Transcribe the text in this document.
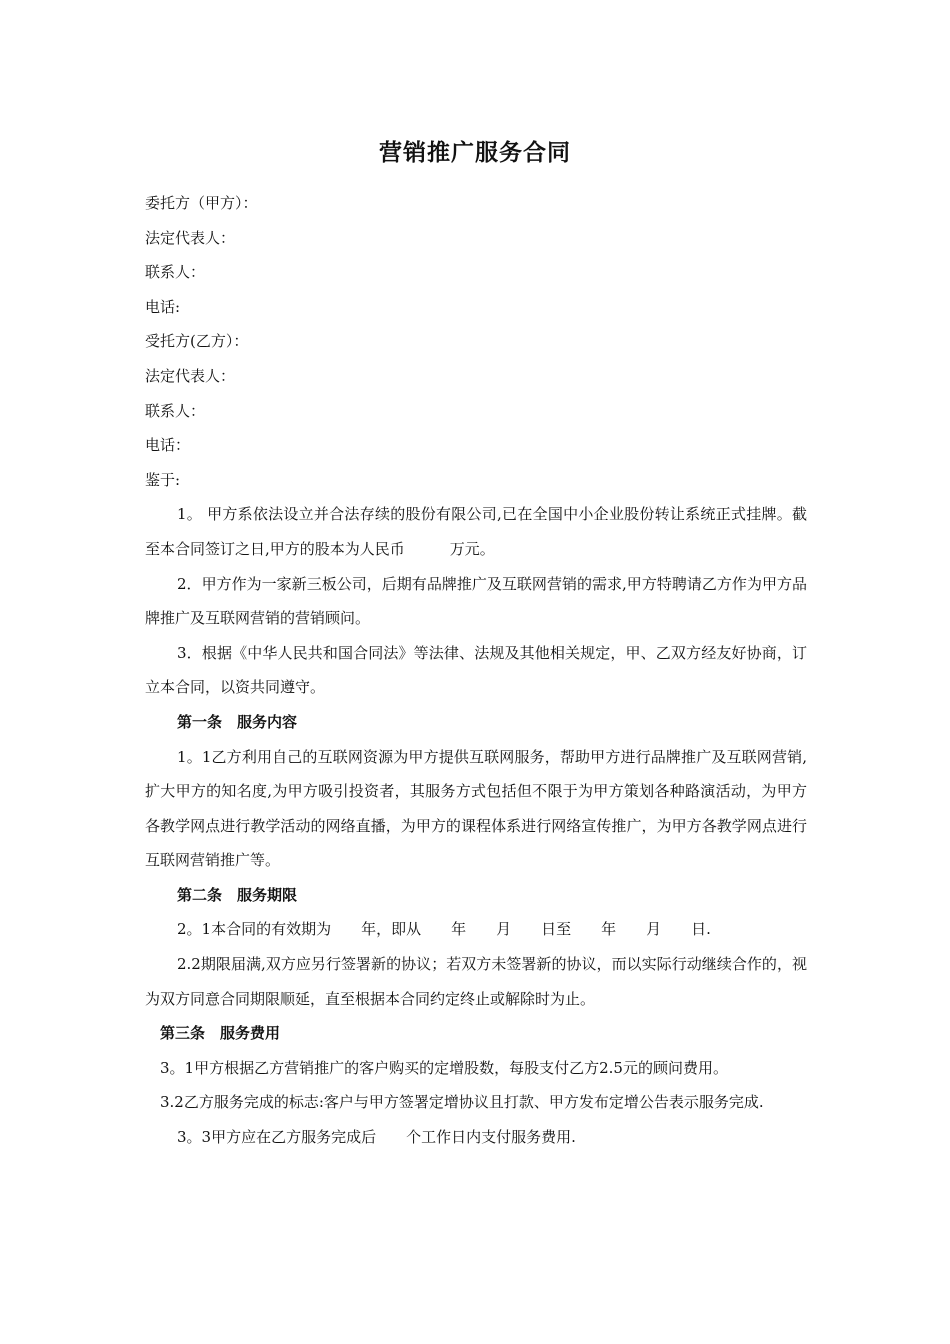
营销推广服务合同
委托方（甲方）：
法定代表人：
联系人：
电话:
受托方(乙方）：
法定代表人：
联系人：
电话：
鉴于:
1。 甲方系依法设立并合法存续的股份有限公司,已在全国中小企业股份转让系统正式挂牌。截至本合同签订之日,甲方的股本为人民币　　　万元。
2．甲方作为一家新三板公司，后期有品牌推广及互联网营销的需求,甲方特聘请乙方作为甲方品牌推广及互联网营销的营销顾问。
3．根据《中华人民共和国合同法》等法律、法规及其他相关规定，甲、乙双方经友好协商，订立本合同，以资共同遵守。
第一条　服务内容
1。1乙方利用自己的互联网资源为甲方提供互联网服务，帮助甲方进行品牌推广及互联网营销,扩大甲方的知名度,为甲方吸引投资者，其服务方式包括但不限于为甲方策划各种路演活动，为甲方各教学网点进行教学活动的网络直播，为甲方的课程体系进行网络宣传推广，为甲方各教学网点进行互联网营销推广等。
第二条　服务期限
2。1本合同的有效期为　　年，即从　　年　　月　　日至　　年　　月　　日.
2.2期限届满,双方应另行签署新的协议；若双方未签署新的协议，而以实际行动继续合作的，视为双方同意合同期限顺延，直至根据本合同约定终止或解除时为止。
第三条　服务费用
3。1甲方根据乙方营销推广的客户购买的定增股数，每股支付乙方2.5元的顾问费用。
3.2乙方服务完成的标志:客户与甲方签署定增协议且打款、甲方发布定增公告表示服务完成.
3。3甲方应在乙方服务完成后　　个工作日内支付服务费用.
